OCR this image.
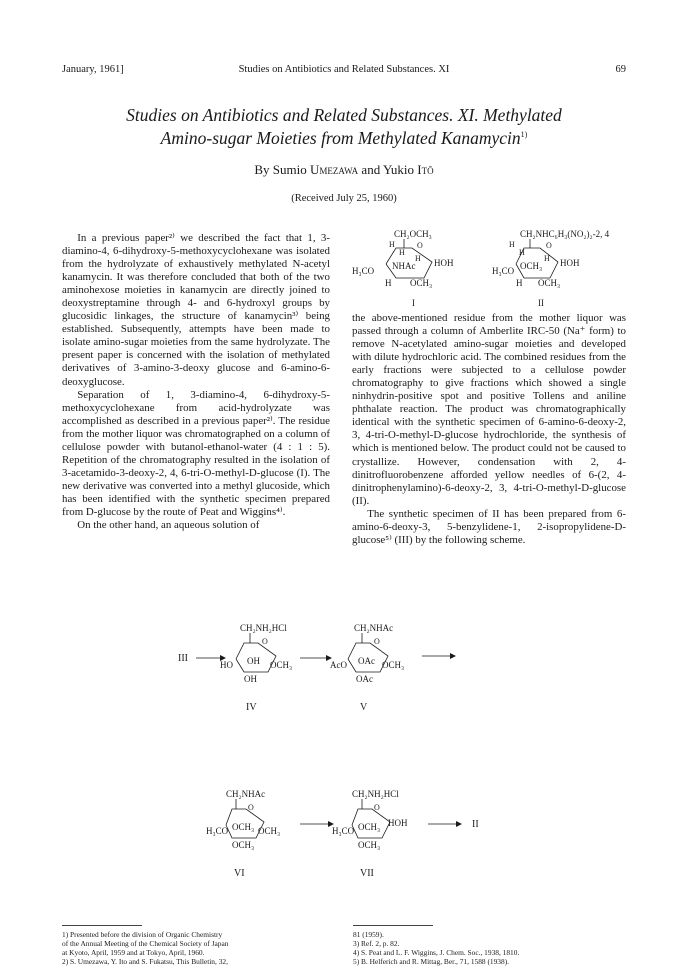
January, 1961]	Studies on Antibiotics and Related Substances. XI	69
Studies on Antibiotics and Related Substances. XI. Methylated
Amino-sugar Moieties from Methylated Kanamycin$^{1)}$
By Sumio Umezawa and Yukio Itō
(Received July 25, 1960)

In a previous paper²⁾ we described the fact that 1, 3-diamino-4, 6-dihydroxy-5-methoxycyclohexane was isolated from the hydrolyzate of exhaustively methylated N-acetyl kanamycin. It was therefore concluded that both of the two aminohexose moieties in kanamycin are directly joined to deoxystreptamine through 4- and 6-hydroxyl groups by glucosidic linkages, the structure of kanamycin³⁾ being established. Subsequently, attempts have been made to isolate amino-sugar moieties from the same hydrolyzate. The present paper is concerned with the isolation of methylated derivatives of 3-amino-3-deoxy glucose and 6-amino-6-deoxyglucose.

Separation of 1, 3-diamino-4, 6-dihydroxy-5-methoxycyclohexane from acid-hydrolyzate was accomplished as described in a previous paper²⁾. The residue from the mother liquor was chromatographed on a column of cellulose powder with butanol-ethanol-water (4 : 1 : 5). Repetition of the chromatography resulted in the isolation of 3-acetamido-3-deoxy-2, 4, 6-tri-O-methyl-D-glucose (I). The new derivative was converted into a methyl glucoside, which has been identified with the synthetic specimen prepared from D-glucose by the route of Peat and Wiggins⁴⁾.

On the other hand, an aqueous solution of

CH₂OCH₃
H	O
H
H
H₃CO NHAc HOH
H OCH₃
I
CH₂NHC₆H₃(NO₂)₂-2, 4
H	O
H
H
H₃CO OCH₃ HOH
H OCH₃
II

the above-mentioned residue from the mother liquor was passed through a column of Amberlite IRC-50 (Na⁺ form) to remove N-acetylated amino-sugar moieties and developed with dilute hydrochloric acid. The combined residues from the early fractions were subjected to a cellulose powder chromatography to give fractions which showed a single ninhydrin-positive spot and positive Tollens and aniline phthalate reaction. The product was chromatographically identical with the synthetic specimen of 6-amino-6-deoxy-2, 3, 4-tri-O-methyl-D-glucose hydrochloride, the synthesis of which is mentioned below. The product could not be caused to crystallize. However, condensation with 2, 4-dinitrofluorobenzene afforded yellow needles of 6-(2, 4-dinitrophenylamino)-6-deoxy-2, 3, 4-tri-O-methyl-D-glucose (II).

The synthetic specimen of II has been prepared from 6-amino-6-deoxy-3, 5-benzylidene-1, 2-isopropylidene-D-glucose⁵⁾ (III) by the following scheme.

III
CH₂NH₂HCl
O
HO OH OCH₃
OH
IV
CH₂NHAc
O
AcO OAc OCH₃
OAc
V
CH₂NHAc
O
H₃CO OCH₃ OCH₃
OCH₃
VI
CH₂NH₂HCl
O
H₃CO OCH₃ HOH
OCH₃
VII
II
1) Presented before the division of Organic Chemistry
of the Annual Meeting of the Chemical Society of Japan
at Kyoto, April, 1959 and at Tokyo, April, 1960.
2) S. Umezawa, Y. Ito and S. Fukatsu, This Bulletin, 32,
81 (1959).
3) Ref. 2, p. 82.
4) S. Peat and L. F. Wiggins, J. Chem. Soc., 1938, 1810.
5) B. Helferich and R. Mittag, Ber., 71, 1588 (1938).
